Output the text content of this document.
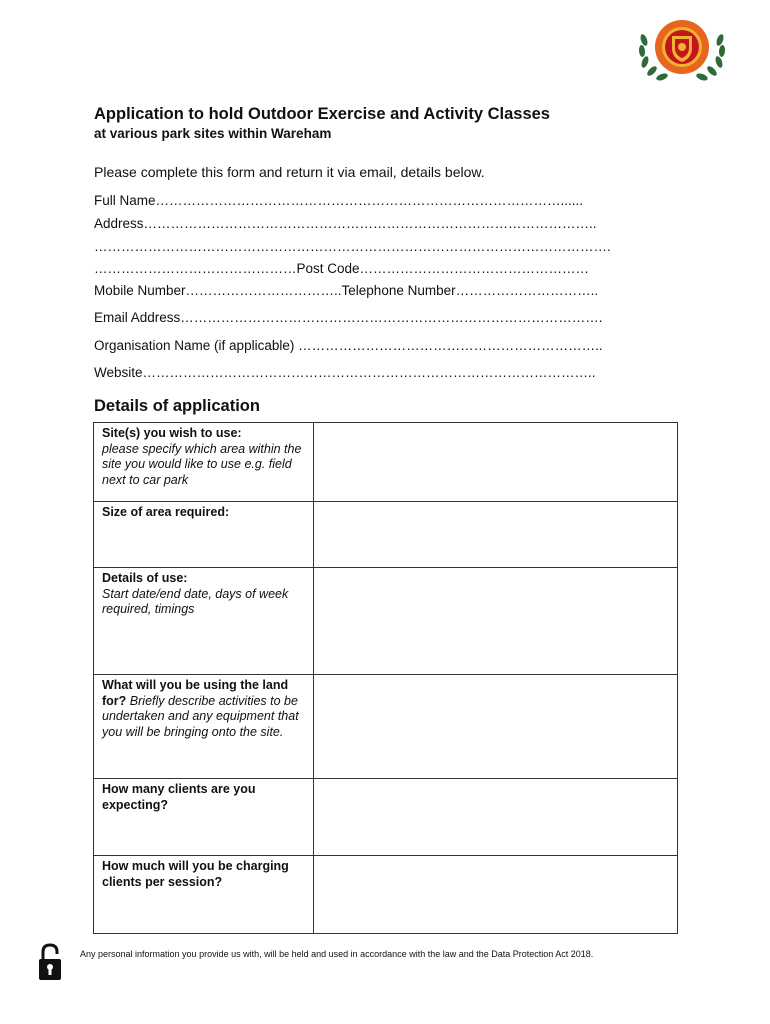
Application to hold Outdoor Exercise and Activity Classes
at various park sites within Wareham
Please complete this form and return it via email, details below.
Full Name………………………………………………………………………………......
Address………………………………………………………………………………………..
…………………………………………………………………………………………………….
………………………………………Post Code……………………………………………
Mobile Number……………………………..Telephone Number…………………………..
Email Address………………………………………………………………………………….
Organisation Name (if applicable) …………………………………………………………..
Website………………………………………………………………………………………..
Details of application
Site(s) you wish to use:
please specify which area within the site you would like to use e.g. field next to car park	
Size of area required:	
Details of use:
Start date/end date, days of week required, timings	
What will you be using the land for? Briefly describe activities to be undertaken and any equipment that you will be bringing onto the site.	
How many clients are you expecting?	
How much will you be charging clients per session?	
Any personal information you provide us with, will be held and used in accordance with the law and the Data Protection Act 2018.
